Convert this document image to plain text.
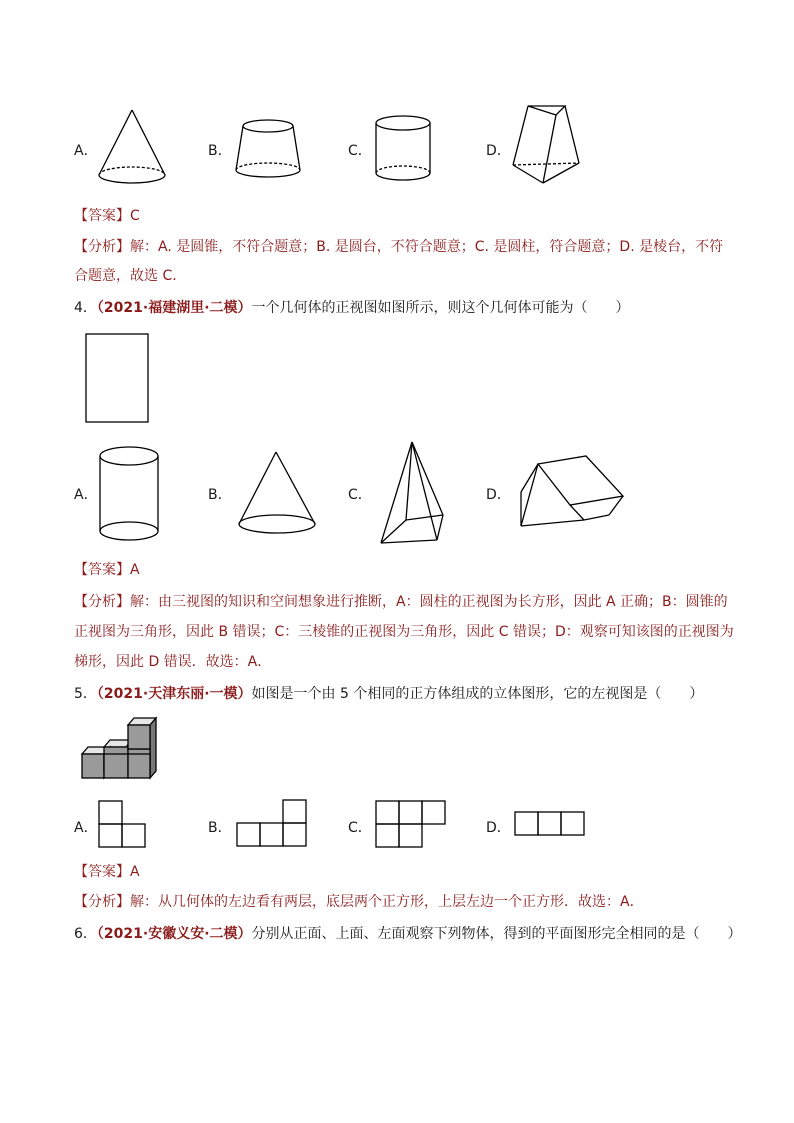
A．	B．	C．	D．
【答案】C
【分析】解：A. 是圆锥，不符合题意；B. 是圆台，不符合题意；C. 是圆柱，符合题意；D. 是棱台，不符
合题意，故选 C．
4．（2021·福建湖里·二模）一个几何体的正视图如图所示，则这个几何体可能为（　　）
A．	B．	C．	D．
【答案】A
【分析】解：由三视图的知识和空间想象进行推断，A：圆柱的正视图为长方形，因此 A 正确；B：圆锥的
正视图为三角形，因此 B 错误；C：三棱锥的正视图为三角形，因此 C 错误；D：观察可知该图的正视图为
梯形，因此 D 错误．故选：A．
5．（2021·天津东丽·一模）如图是一个由 5 个相同的正方体组成的立体图形，它的左视图是（　　）
A．	B．	C．	D．
【答案】A
【分析】解：从几何体的左边看有两层，底层两个正方形，上层左边一个正方形．故选：A．
6．（2021·安徽义安·二模）分别从正面、上面、左面观察下列物体，得到的平面图形完全相同的是（　　）
